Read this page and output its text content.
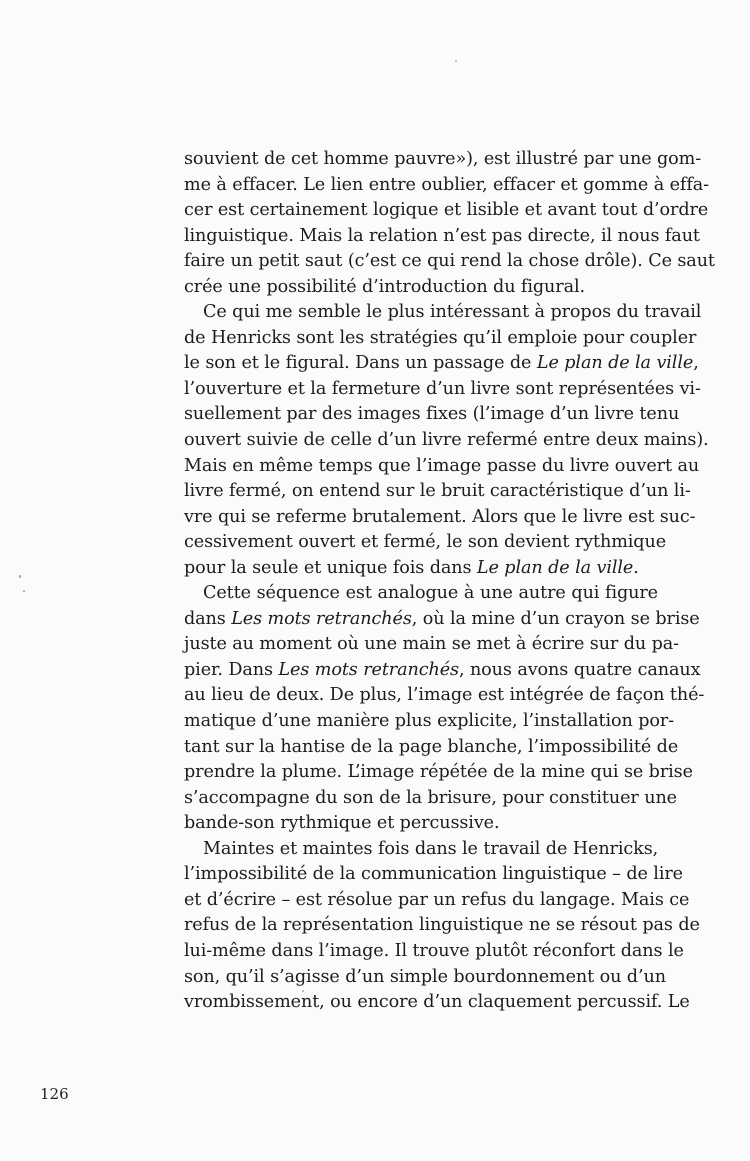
souvient de cet homme pauvre»), est illustré par une gom-
me à effacer. Le lien entre oublier, effacer et gomme à effa-
cer est certainement logique et lisible et avant tout d’ordre
linguistique. Mais la relation n’est pas directe, il nous faut
faire un petit saut (c’est ce qui rend la chose drôle). Ce saut
crée une possibilité d’introduction du figural.

Ce qui me semble le plus intéressant à propos du travail
de Henricks sont les stratégies qu’il emploie pour coupler
le son et le figural. Dans un passage de Le plan de la ville,
l’ouverture et la fermeture d’un livre sont représentées vi-
suellement par des images fixes (l’image d’un livre tenu
ouvert suivie de celle d’un livre refermé entre deux mains).
Mais en même temps que l’image passe du livre ouvert au
livre fermé, on entend sur le bruit caractéristique d’un li-
vre qui se referme brutalement. Alors que le livre est suc-
cessivement ouvert et fermé, le son devient rythmique
pour la seule et unique fois dans Le plan de la ville.

Cette séquence est analogue à une autre qui figure
dans Les mots retranchés, où la mine d’un crayon se brise
juste au moment où une main se met à écrire sur du pa-
pier. Dans Les mots retranchés, nous avons quatre canaux
au lieu de deux. De plus, l’image est intégrée de façon thé-
matique d’une manière plus explicite, l’installation por-
tant sur la hantise de la page blanche, l’impossibilité de
prendre la plume. L’image répétée de la mine qui se brise
s’accompagne du son de la brisure, pour constituer une
bande-son rythmique et percussive.

Maintes et maintes fois dans le travail de Henricks,
l’impossibilité de la communication linguistique – de lire
et d’écrire – est résolue par un refus du langage. Mais ce
refus de la représentation linguistique ne se résout pas de
lui-même dans l’image. Il trouve plutôt réconfort dans le
son, qu’il s’agisse d’un simple bourdonnement ou d’un
vrombissement, ou encore d’un claquement percussif. Le

126
